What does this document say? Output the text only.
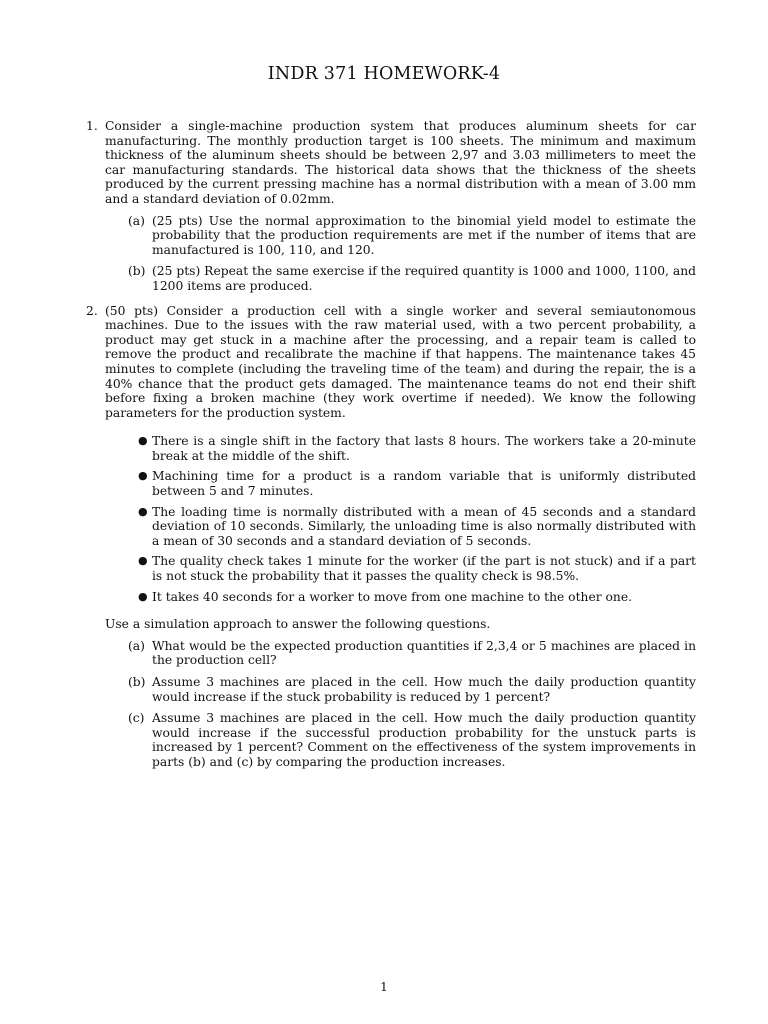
INDR 371 HOMEWORK-4
1. Consider a single-machine production system that produces aluminum sheets for car manufacturing. The monthly production target is 100 sheets. The minimum and maximum thickness of the aluminum sheets should be between 2,97 and 3.03 millimeters to meet the car manufacturing standards. The historical data shows that the thickness of the sheets produced by the current pressing machine has a normal distribution with a mean of 3.00 mm and a standard deviation of 0.02mm.
(a) (25 pts) Use the normal approximation to the binomial yield model to estimate the probability that the production requirements are met if the number of items that are manufactured is 100, 110, and 120.
(b) (25 pts) Repeat the same exercise if the required quantity is 1000 and 1000, 1100, and 1200 items are produced.
2. (50 pts) Consider a production cell with a single worker and several semiautonomous machines. Due to the issues with the raw material used, with a two percent probability, a product may get stuck in a machine after the processing, and a repair team is called to remove the product and recalibrate the machine if that happens. The maintenance takes 45 minutes to complete (including the traveling time of the team) and during the repair, the is a 40% chance that the product gets damaged. The maintenance teams do not end their shift before fixing a broken machine (they work overtime if needed). We know the following parameters for the production system.
● There is a single shift in the factory that lasts 8 hours. The workers take a 20-minute break at the middle of the shift.
● Machining time for a product is a random variable that is uniformly distributed between 5 and 7 minutes.
● The loading time is normally distributed with a mean of 45 seconds and a standard deviation of 10 seconds. Similarly, the unloading time is also normally distributed with a mean of 30 seconds and a standard deviation of 5 seconds.
● The quality check takes 1 minute for the worker (if the part is not stuck) and if a part is not stuck the probability that it passes the quality check is 98.5%.
● It takes 40 seconds for a worker to move from one machine to the other one.
Use a simulation approach to answer the following questions.
(a) What would be the expected production quantities if 2,3,4 or 5 machines are placed in the production cell?
(b) Assume 3 machines are placed in the cell. How much the daily production quantity would increase if the stuck probability is reduced by 1 percent?
(c) Assume 3 machines are placed in the cell. How much the daily production quantity would increase if the successful production probability for the unstuck parts is increased by 1 percent? Comment on the effectiveness of the system improvements in parts (b) and (c) by comparing the production increases.
1
